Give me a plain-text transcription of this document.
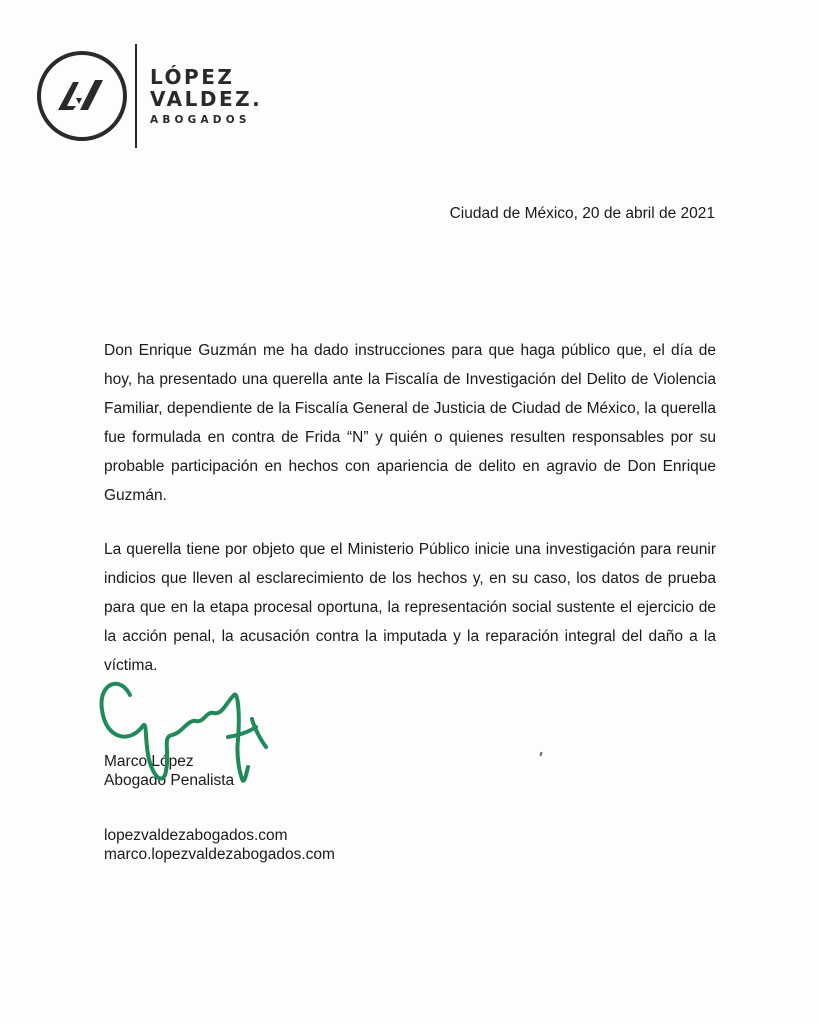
LÓPEZ
VALDEZ.
ABOGADOS
Ciudad de México, 20 de abril de 2021

Don Enrique Guzmán me ha dado instrucciones para que haga público que, el día de hoy, ha presentado una querella ante la Fiscalía de Investigación del Delito de Violencia Familiar, dependiente de la Fiscalía General de Justicia de Ciudad de México, la querella fue formulada en contra de Frida “N” y quién o quienes resulten responsables por su probable participación en hechos con apariencia de delito en agravio de Don Enrique Guzmán.

La querella tiene por objeto que el Ministerio Público inicie una investigación para reunir indicios que lleven al esclarecimiento de los hechos y, en su caso, los datos de prueba para que en la etapa procesal oportuna, la representación social sustente el ejercicio de la acción penal, la acusación contra la imputada y la reparación integral del daño a la víctima.

Marco López
Abogado Penalista
lopezvaldezabogados.com
marco.lopezvaldezabogados.com
